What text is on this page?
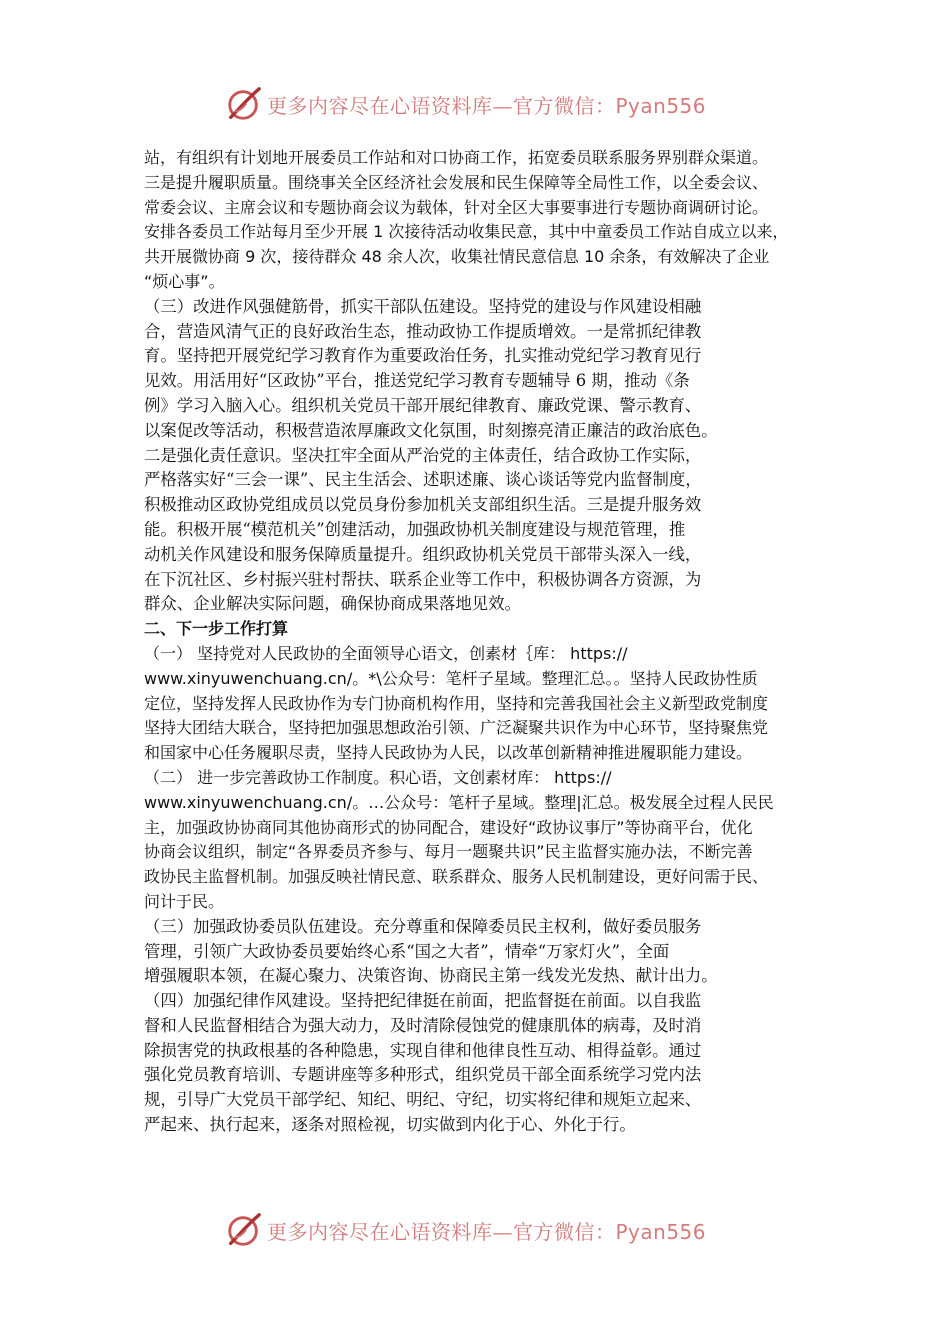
更多内容尽在心语资料库—官方微信：Pyan556
站，有组织有计划地开展委员工作站和对口协商工作，拓宽委员联系服务界别群众渠道。
三是提升履职质量。围绕事关全区经济社会发展和民生保障等全局性工作，以全委会议、
常委会议、主席会议和专题协商会议为载体，针对全区大事要事进行专题协商调研讨论。
安排各委员工作站每月至少开展 1 次接待活动收集民意，其中中童委员工作站自成立以来，
共开展微协商 9 次，接待群众 48 余人次，收集社情民意信息 10 余条，有效解决了企业
“烦心事”。
（三）改进作风强健筋骨，抓实干部队伍建设。坚持党的建设与作风建设相融
合，营造风清气正的良好政治生态，推动政协工作提质增效。一是常抓纪律教
育。坚持把开展党纪学习教育作为重要政治任务，扎实推动党纪学习教育见行
见效。用活用好“区政协”平台，推送党纪学习教育专题辅导 6 期，推动《条
例》学习入脑入心。组织机关党员干部开展纪律教育、廉政党课、警示教育、
以案促改等活动，积极营造浓厚廉政文化氛围，时刻擦亮清正廉洁的政治底色。
二是强化责任意识。坚决扛牢全面从严治党的主体责任，结合政协工作实际，
严格落实好“三会一课”、民主生活会、述职述廉、谈心谈话等党内监督制度，
积极推动区政协党组成员以党员身份参加机关支部组织生活。三是提升服务效
能。积极开展“模范机关”创建活动，加强政协机关制度建设与规范管理，推
动机关作风建设和服务保障质量提升。组织政协机关党员干部带头深入一线，
在下沉社区、乡村振兴驻村帮扶、联系企业等工作中，积极协调各方资源，为
群众、企业解决实际问题，确保协商成果落地见效。
二、下一步工作打算
（一） 坚持党对人民政协的全面领导心语文，创素材｛库： https://
www.xinyuwenchuang.cn/。*\公众号：笔杆子星域。整理汇总。。坚持人民政协性质
定位，坚持发挥人民政协作为专门协商机构作用，坚持和完善我国社会主义新型政党制度
坚持大团结大联合，坚持把加强思想政治引领、广泛凝聚共识作为中心环节，坚持聚焦党
和国家中心任务履职尽责，坚持人民政协为人民，以改革创新精神推进履职能力建设。
（二） 进一步完善政协工作制度。积心语，文创素材库： https://
www.xinyuwenchuang.cn/。…公众号：笔杆子星域。整理|汇总。极发展全过程人民民
主，加强政协协商同其他协商形式的协同配合，建设好“政协议事厅”等协商平台，优化
协商会议组织，制定“各界委员齐参与、每月一题聚共识”民主监督实施办法，不断完善
政协民主监督机制。加强反映社情民意、联系群众、服务人民机制建设，更好问需于民、
问计于民。
（三）加强政协委员队伍建设。充分尊重和保障委员民主权利，做好委员服务
管理，引领广大政协委员要始终心系“国之大者”，情牵“万家灯火”，全面
增强履职本领，在凝心聚力、决策咨询、协商民主第一线发光发热、献计出力。
（四）加强纪律作风建设。坚持把纪律挺在前面，把监督挺在前面。以自我监
督和人民监督相结合为强大动力，及时清除侵蚀党的健康肌体的病毒，及时消
除损害党的执政根基的各种隐患，实现自律和他律良性互动、相得益彰。通过
强化党员教育培训、专题讲座等多种形式，组织党员干部全面系统学习党内法
规，引导广大党员干部学纪、知纪、明纪、守纪，切实将纪律和规矩立起来、
严起来、执行起来，逐条对照检视，切实做到内化于心、外化于行。
更多内容尽在心语资料库—官方微信：Pyan556
